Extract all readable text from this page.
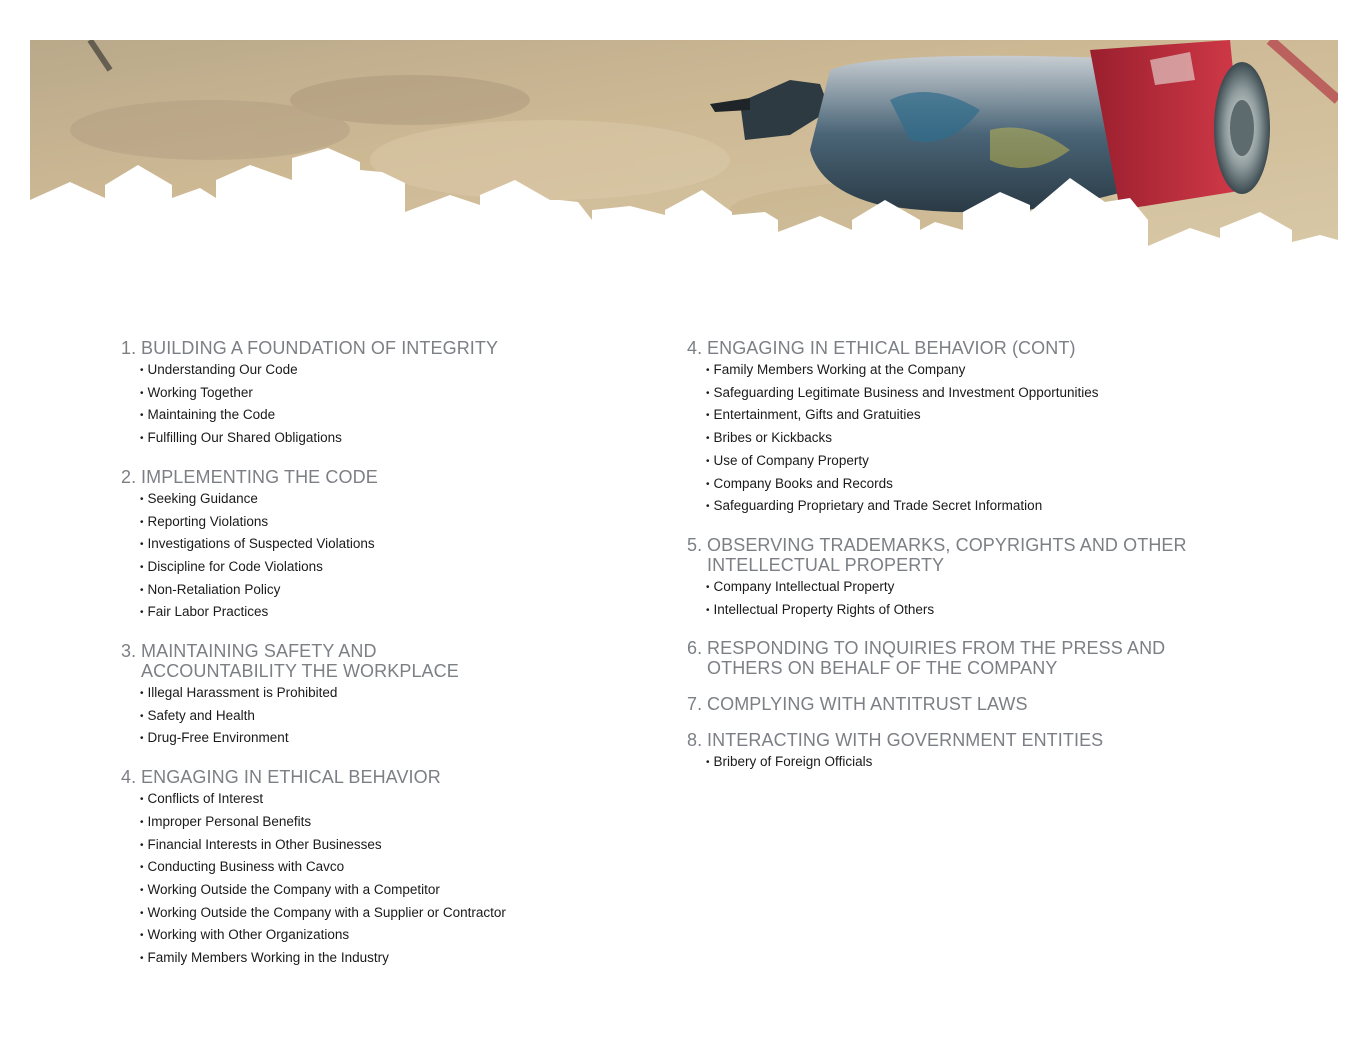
1. BUILDING A FOUNDATION OF INTEGRITY
• Understanding Our Code
• Working Together
• Maintaining the Code
• Fulfilling Our Shared Obligations
2. IMPLEMENTING THE CODE
• Seeking Guidance
• Reporting Violations
• Investigations of Suspected Violations
• Discipline for Code Violations
• Non-Retaliation Policy
• Fair Labor Practices
3. MAINTAINING SAFETY AND ACCOUNTABILITY THE WORKPLACE
• Illegal Harassment is Prohibited
• Safety and Health
• Drug-Free Environment
4. ENGAGING IN ETHICAL BEHAVIOR
• Conflicts of Interest
• Improper Personal Benefits
• Financial Interests in Other Businesses
• Conducting Business with Cavco
• Working Outside the Company with a Competitor
• Working Outside the Company with a Supplier or Contractor
• Working with Other Organizations
• Family Members Working in the Industry
4. ENGAGING IN ETHICAL BEHAVIOR (CONT)
• Family Members Working at the Company
• Safeguarding Legitimate Business and Investment Opportunities
• Entertainment, Gifts and Gratuities
• Bribes or Kickbacks
• Use of Company Property
• Company Books and Records
• Safeguarding Proprietary and Trade Secret Information
5. OBSERVING TRADEMARKS, COPYRIGHTS AND OTHER INTELLECTUAL PROPERTY
• Company Intellectual Property
• Intellectual Property Rights of Others
6. RESPONDING TO INQUIRIES FROM THE PRESS AND OTHERS ON BEHALF OF THE COMPANY
7. COMPLYING WITH ANTITRUST LAWS
8. INTERACTING WITH GOVERNMENT ENTITIES
• Bribery of Foreign Officials
